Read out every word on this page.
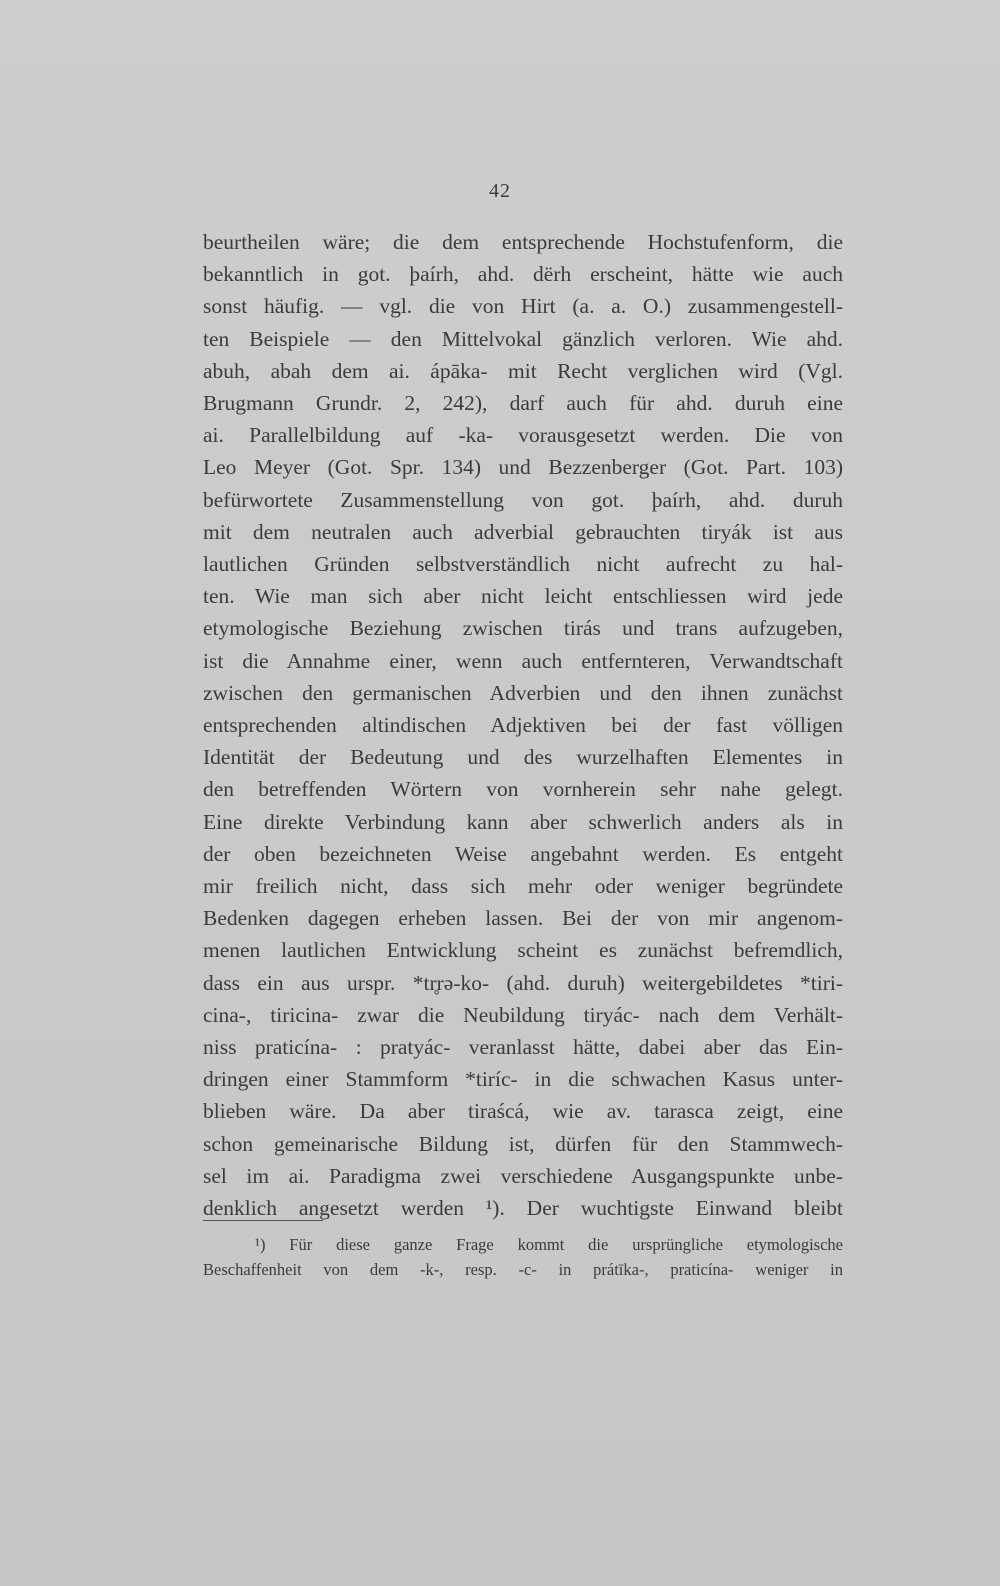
42
beurtheilen wäre; die dem entsprechende Hochstufenform, die
bekanntlich in got. þaírh, ahd. dërh erscheint, hätte wie auch
sonst häufig. — vgl. die von Hirt (a. a. O.) zusammengestell-
ten Beispiele — den Mittelvokal gänzlich verloren. Wie ahd.
abuh, abah dem ai. ápāka- mit Recht verglichen wird (Vgl.
Brugmann Grundr. 2, 242), darf auch für ahd. duruh eine
ai. Parallelbildung auf -ka- vorausgesetzt werden. Die von
Leo Meyer (Got. Spr. 134) und Bezzenberger (Got. Part. 103)
befürwortete Zusammenstellung von got. þaírh, ahd. duruh
mit dem neutralen auch adverbial gebrauchten tiryák ist aus
lautlichen Gründen selbstverständlich nicht aufrecht zu hal-
ten. Wie man sich aber nicht leicht entschliessen wird jede
etymologische Beziehung zwischen tirás und trans aufzugeben,
ist die Annahme einer, wenn auch entfernteren, Verwandtschaft
zwischen den germanischen Adverbien und den ihnen zunächst
entsprechenden altindischen Adjektiven bei der fast völligen
Identität der Bedeutung und des wurzelhaften Elementes in
den betreffenden Wörtern von vornherein sehr nahe gelegt.
Eine direkte Verbindung kann aber schwerlich anders als in
der oben bezeichneten Weise angebahnt werden. Es entgeht
mir freilich nicht, dass sich mehr oder weniger begründete
Bedenken dagegen erheben lassen. Bei der von mir angenom-
menen lautlichen Entwicklung scheint es zunächst befremdlich,
dass ein aus urspr. *tr̥rə-ko- (ahd. duruh) weitergebildetes *tiri-
cina-, tiricina- zwar die Neubildung tiryác- nach dem Verhält-
niss praticína- : pratyác- veranlasst hätte, dabei aber das Ein-
dringen einer Stammform *tiríc- in die schwachen Kasus unter-
blieben wäre. Da aber tiraścá, wie av. tarasca zeigt, eine
schon gemeinarische Bildung ist, dürfen für den Stammwech-
sel im ai. Paradigma zwei verschiedene Ausgangspunkte unbe-
denklich angesetzt werden ¹). Der wuchtigste Einwand bleibt
¹) Für diese ganze Frage kommt die ursprüngliche etymologische
Beschaffenheit von dem -k-, resp. -c- in prátīka-, praticína- weniger in
